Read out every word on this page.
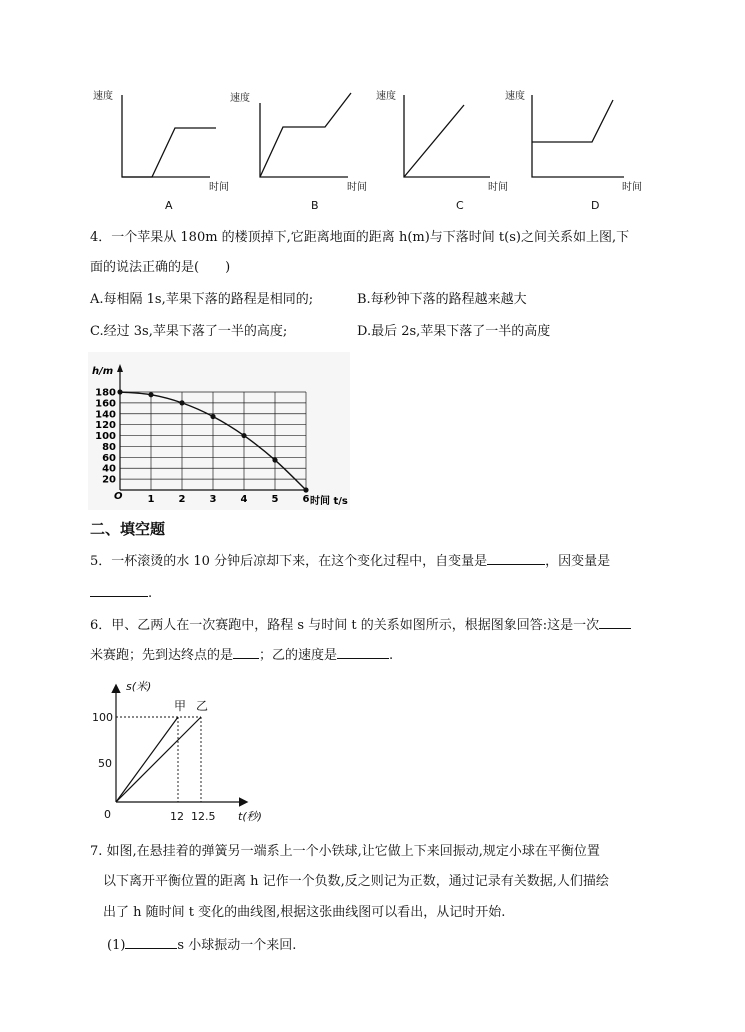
速度
时间
速度
时间
速度
时间
速度
时间
A	B	C	D
4．一个苹果从 180m 的楼顶掉下,它距离地面的距离 h(m)与下落时间 t(s)之间关系如上图,下
面的说法正确的是(　　)
A.每相隔 1s,苹果下落的路程是相同的;	B.每秒钟下落的路程越来越大
C.经过 3s,苹果下落了一半的高度;	D.最后 2s,苹果下落了一半的高度
20
40
60
80
100
120
140
160
180
1 2 3 4 5 6
h/m
时间 t/s
O
二、填空题
5．一杯滚烫的水 10 分钟后凉却下来，在这个变化过程中，自变量是	，因变量是
.
6．甲、乙两人在一次赛跑中，路程 s 与时间 t 的关系如图所示，根据图象回答:这是一次
米赛跑；先到达终点的是 ；乙的速度是	.
s(米)
t(秒)
甲 乙
100
50
0	12 12.5
7. 如图,在悬挂着的弹簧另一端系上一个小铁球,让它做上下来回振动,规定小球在平衡位置
以下离开平衡位置的距离 h 记作一个负数,反之则记为正数，通过记录有关数据,人们描绘
出了 h 随时间 t 变化的曲线图,根据这张曲线图可以看出，从记时开始.
(1)	s 小球振动一个来回.
